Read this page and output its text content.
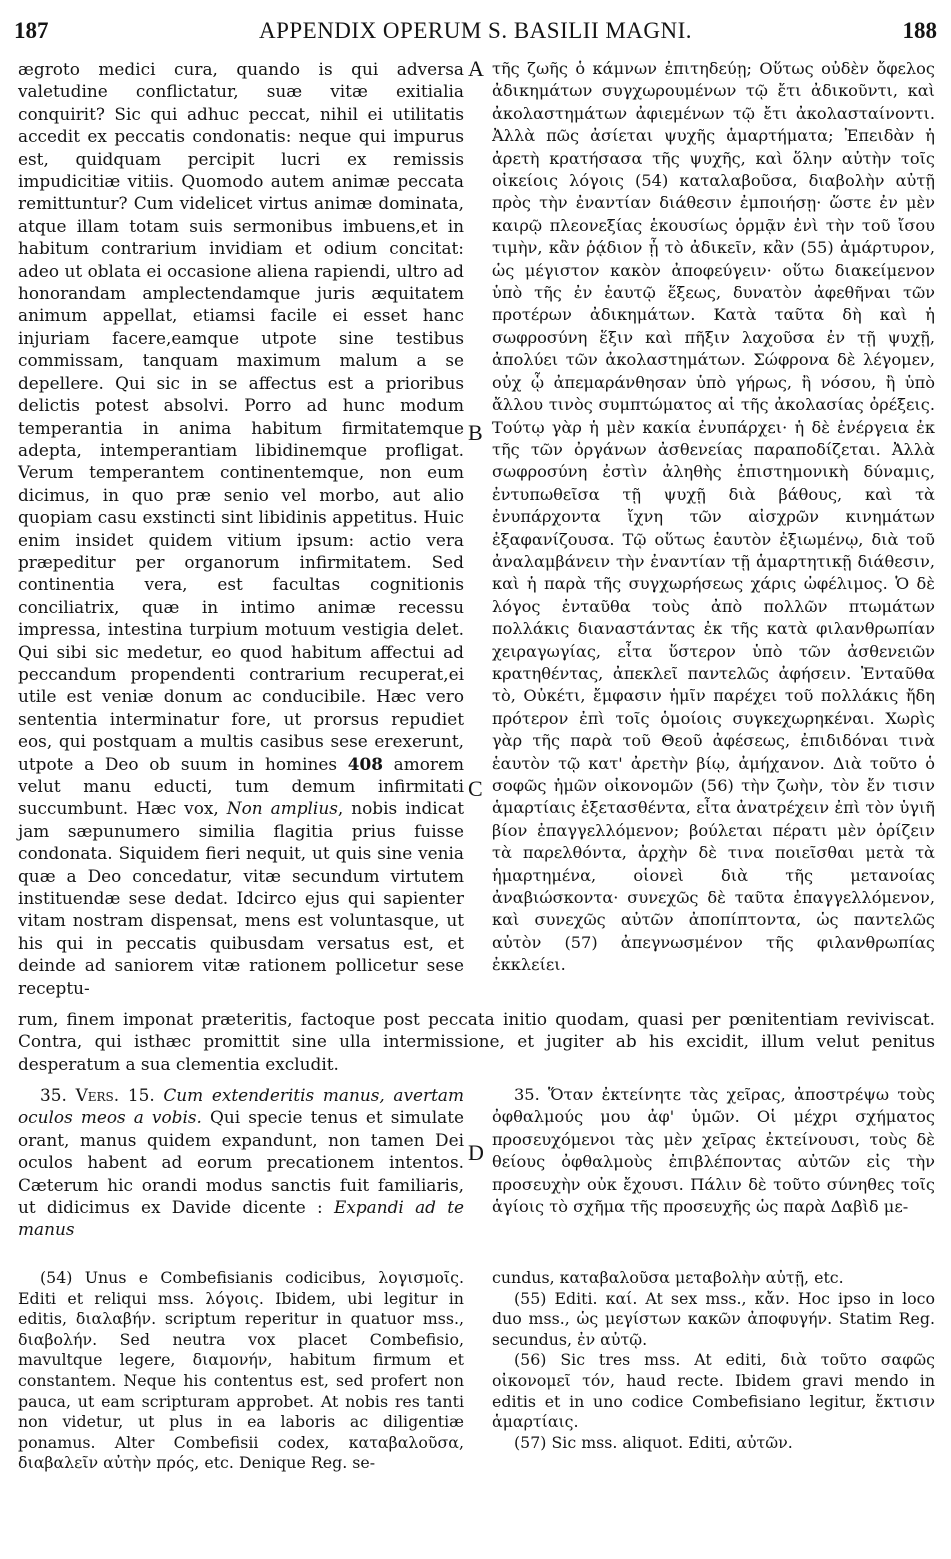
187	APPENDIX OPERUM S. BASILII MAGNI.	188

ægroto medici cura, quando is qui adversa valetudine conflictatur, suæ vitæ exitialia conquirit? Sic qui adhuc peccat, nihil ei utilitatis accedit ex peccatis condonatis: neque qui impurus est, quidquam percipit lucri ex remissis impudicitiæ vitiis. Quomodo autem animæ peccata remittuntur? Cum videlicet virtus animæ dominata, atque illam totam suis sermonibus imbuens,et in habitum contrarium invidiam et odium concitat: adeo ut oblata ei occasione aliena rapiendi, ultro ad honorandam amplectendamque juris æquitatem animum appellat, etiamsi facile ei esset hanc injuriam facere,eamque utpote sine testibus commissam, tanquam maximum malum a se depellere. Qui sic in se affectus est a prioribus delictis potest absolvi. Porro ad hunc modum temperantia in anima habitum firmitatemque adepta, intemperantiam libidinemque profligat. Verum temperantem continentemque, non eum dicimus, in quo præ senio vel morbo, aut alio quopiam casu exstincti sint libidinis appetitus. Huic enim insidet quidem vitium ipsum: actio vera præpeditur per organorum infirmitatem. Sed continentia vera, est facultas cognitionis conciliatrix, quæ in intimo animæ recessu impressa, intestina turpium motuum vestigia delet. Qui sibi sic medetur, eo quod habitum affectui ad peccandum propendenti contrarium recuperat,ei utile est veniæ donum ac conducibile. Hæc vero sententia interminatur fore, ut prorsus repudiet eos, qui postquam a multis casibus sese erexerunt, utpote a Deo ob suum in homines 408 amorem velut manu educti, tum demum infirmitati succumbunt. Hæc vox, Non amplius, nobis indicat jam sæpunumero similia flagitia prius fuisse condonata. Siquidem fieri nequit, ut quis sine venia quæ a Deo concedatur, vitæ secundum virtutem instituendæ sese dedat. Idcirco ejus qui sapienter vitam nostram dispensat, mens est voluntasque, ut his qui in peccatis quibusdam versatus est, et deinde ad saniorem vitæ rationem pollicetur sese receptu-

τῆς ζωῆς ὁ κάμνων ἐπιτηδεύῃ; Οὕτως οὐδὲν ὄφελος ἀδικημάτων συγχωρουμένων τῷ ἔτι ἀδικοῦντι, καὶ ἀκολαστημάτων ἀφιεμένων τῷ ἔτι ἀκολασταίνοντι. Ἀλλὰ πῶς ἀσίεται ψυχῆς ἁμαρτήματα; Ἐπειδὰν ἡ ἀρετὴ κρατήσασα τῆς ψυχῆς, καὶ ὅλην αὐτὴν τοῖς οἰκείοις λόγοις (54) καταλαβοῦσα, διαβολὴν αὐτῇ πρὸς τὴν ἐναντίαν διάθεσιν ἐμποιήσῃ· ὥστε ἐν μὲν καιρῷ πλεονεξίας ἑκουσίως ὁρμᾷν ἐνὶ τὴν τοῦ ἴσου τιμὴν, κἂν ῥᾴδιον ᾖ τὸ ἀδικεῖν, κἂν (55) ἀμάρτυρον, ὡς μέγιστον κακὸν ἀποφεύγειν· οὕτω διακείμενον ὑπὸ τῆς ἐν ἑαυτῷ ἕξεως, δυνατὸν ἀφεθῆναι τῶν προτέρων ἀδικημάτων. Κατὰ ταῦτα δὴ καὶ ἡ σωφροσύνη ἕξιν καὶ πῆξιν λαχοῦσα ἐν τῇ ψυχῇ, ἀπολύει τῶν ἀκολαστημάτων. Σώφρονα δὲ λέγομεν, οὐχ ᾧ ἀπεμαράνθησαν ὑπὸ γήρως, ἢ νόσου, ἢ ὑπὸ ἄλλου τινὸς συμπτώματος αἱ τῆς ἀκολασίας ὀρέξεις. Τούτῳ γὰρ ἡ μὲν κακία ἐνυπάρχει· ἡ δὲ ἐνέργεια ἐκ τῆς τῶν ὀργάνων ἀσθενείας παραποδίζεται. Ἀλλὰ σωφροσύνη ἐστὶν ἀληθὴς ἐπιστημονικὴ δύναμις, ἐντυπωθεῖσα τῇ ψυχῇ διὰ βάθους, καὶ τὰ ἐνυπάρχοντα ἴχνη τῶν αἰσχρῶν κινημάτων ἐξαφανίζουσα. Τῷ οὕτως ἑαυτὸν ἐξιωμένῳ, διὰ τοῦ ἀναλαμβάνειν τὴν ἐναντίαν τῇ ἁμαρτητικῇ διάθεσιν, καὶ ἡ παρὰ τῆς συγχωρήσεως χάρις ὠφέλιμος. Ὁ δὲ λόγος ἐνταῦθα τοὺς ἀπὸ πολλῶν πτωμάτων πολλάκις διαναστάντας ἐκ τῆς κατὰ φιλανθρωπίαν χειραγωγίας, εἶτα ὕστερον ὑπὸ τῶν ἀσθενειῶν κρατηθέντας, ἀπεκλεῖ παντελῶς ἀφήσειν. Ἐνταῦθα τὸ, Οὐκέτι, ἔμφασιν ἡμῖν παρέχει τοῦ πολλάκις ἤδη πρότερον ἐπὶ τοῖς ὁμοίοις συγκεχωρηκέναι. Χωρὶς γὰρ τῆς παρὰ τοῦ Θεοῦ ἀφέσεως, ἐπιδιδόναι τινὰ ἑαυτὸν τῷ κατ' ἀρετὴν βίῳ, ἀμήχανον. Διὰ τοῦτο ὁ σοφῶς ἡμῶν οἰκονομῶν (56) τὴν ζωὴν, τὸν ἔν τισιν ἁμαρτίαις ἐξετασθέντα, εἶτα ἀνατρέχειν ἐπὶ τὸν ὑγιῆ βίον ἐπαγγελλόμενον; βούλεται πέρατι μὲν ὁρίζειν τὰ παρελθόντα, ἀρχὴν δὲ τινα ποιεῖσθαι μετὰ τὰ ἡμαρτημένα, οἱονεὶ διὰ τῆς μετανοίας ἀναβιώσκοντα· συνεχῶς δὲ ταῦτα ἐπαγγελλόμενον, καὶ συνεχῶς αὐτῶν ἀποπίπτοντα, ὡς παντελῶς αὐτὸν (57) ἀπεγνωσμένον τῆς φιλανθρωπίας ἐκκλείει.

A
B
C
D

rum, finem imponat præteritis, factoque post peccata initio quodam, quasi per pœnitentiam reviviscat. Contra, qui isthæc promittit sine ulla intermissione, et jugiter ab his excidit, illum velut penitus desperatum a sua clementia excludit.

35. Vers. 15. Cum extenderitis manus, avertam oculos meos a vobis. Qui specie tenus et simulate orant, manus quidem expandunt, non tamen Dei oculos habent ad eorum precationem intentos. Cæterum hic orandi modus sanctis fuit familiaris, ut didicimus ex Davide dicente : Expandi ad te manus

35. Ὅταν ἐκτείνητε τὰς χεῖρας, ἀποστρέψω τοὺς ὀφθαλμούς μου ἀφ' ὑμῶν. Οἱ μέχρι σχήματος προσευχόμενοι τὰς μὲν χεῖρας ἐκτείνουσι, τοὺς δὲ θείους ὀφθαλμοὺς ἐπιβλέποντας αὐτῶν εἰς τὴν προσευχὴν οὐκ ἔχουσι. Πάλιν δὲ τοῦτο σύνηθες τοῖς ἁγίοις τὸ σχῆμα τῆς προσευχῆς ὡς παρὰ Δαβὶδ με-

(54) Unus e Combefisianis codicibus, λογισμοῖς. Editi et reliqui mss. λόγοις. Ibidem, ubi legitur in editis, διαλαβήν. scriptum reperitur in quatuor mss., διαβολήν. Sed neutra vox placet Combefisio, mavultque legere, διαμονήν, habitum firmum et constantem. Neque his contentus est, sed profert non pauca, ut eam scripturam approbet. At nobis res tanti non videtur, ut plus in ea laboris ac diligentiæ ponamus. Alter Combefisii codex, καταβαλοῦσα, διαβαλεῖν αὐτὴν πρός, etc. Denique Reg. se-

cundus, καταβαλοῦσα μεταβολὴν αὐτῇ, etc.

(55) Editi. καί. At sex mss., κἄν. Hoc ipso in loco duo mss., ὡς μεγίστων κακῶν ἀποφυγήν. Statim Reg. secundus, ἐν αὐτῷ.

(56) Sic tres mss. At editi, διὰ τοῦτο σαφῶς οἰκονομεῖ τόν, haud recte. Ibidem gravi mendo in editis et in uno codice Combefisiano legitur, ἔκτισιν ἁμαρτίαις.

(57) Sic mss. aliquot. Editi, αὐτῶν.
